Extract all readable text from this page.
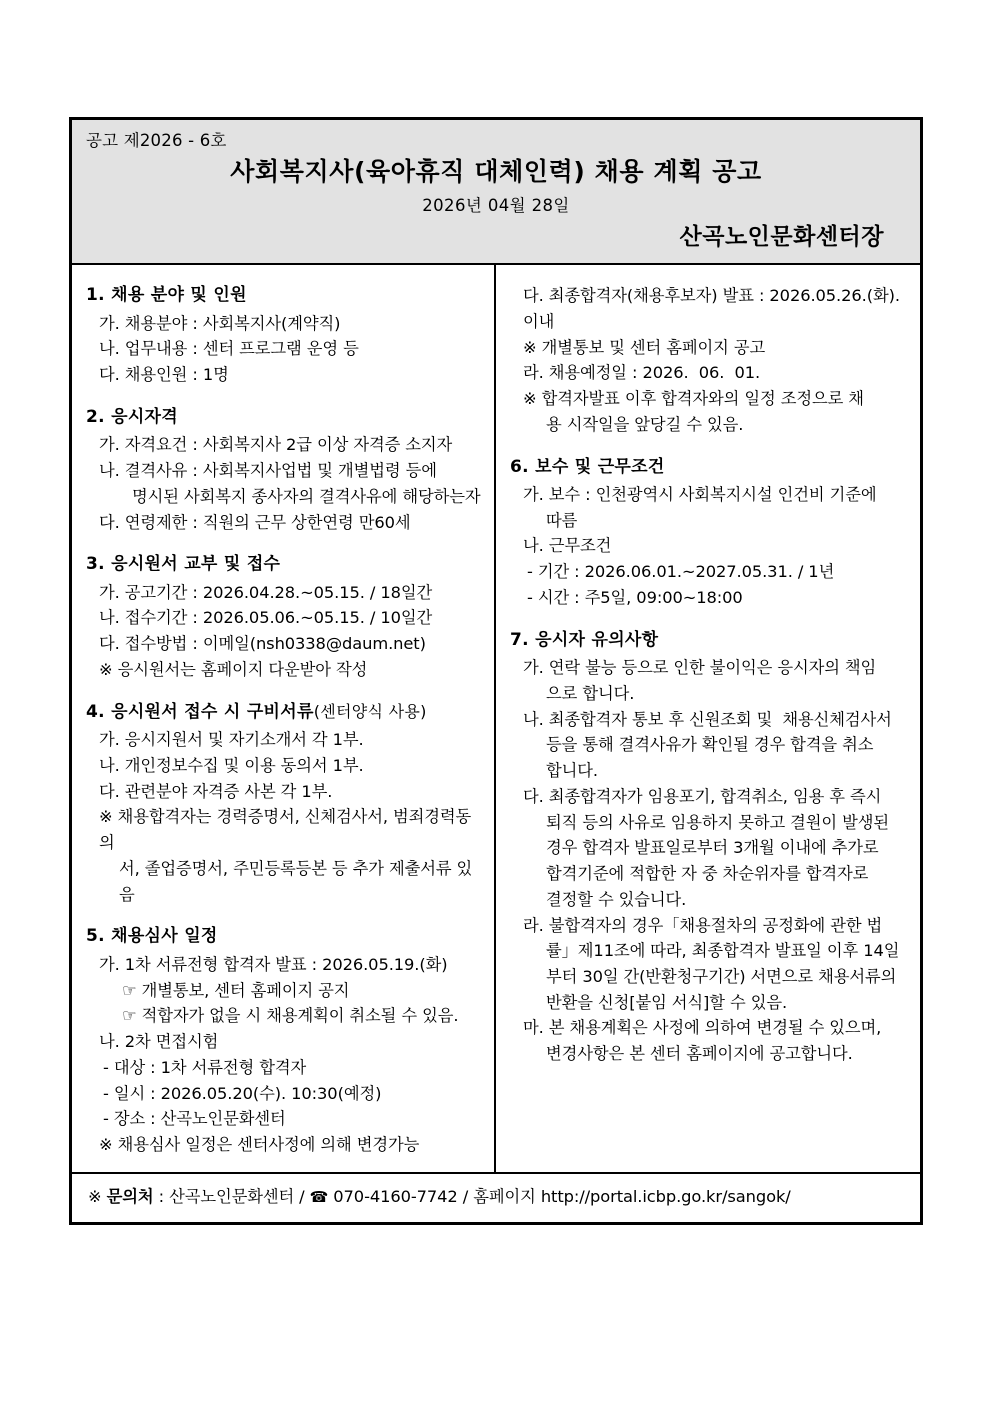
공고 제2026 - 6호
사회복지사(육아휴직 대체인력) 채용 계획 공고
2026년 04월 28일
산곡노인문화센터장
1. 채용 분야 및 인원
가. 채용분야 : 사회복지사(계약직)
나. 업무내용 : 센터 프로그램 운영 등
다. 채용인원 : 1명
2. 응시자격
가. 자격요건 : 사회복지사 2급 이상 자격증 소지자
나. 결격사유 : 사회복지사업법 및 개별법령 등에
명시된 사회복지 종사자의 결격사유에 해당하는자
다. 연령제한 : 직원의 근무 상한연령 만60세
3. 응시원서 교부 및 접수
가. 공고기간 : 2026.04.28.~05.15. / 18일간
나. 접수기간 : 2026.05.06.~05.15. / 10일간
다. 접수방법 : 이메일(nsh0338@daum.net)
※ 응시원서는 홈페이지 다운받아 작성
4. 응시원서 접수 시 구비서류(센터양식 사용)
가. 응시지원서 및 자기소개서 각 1부.
나. 개인정보수집 및 이용 동의서 1부.
다. 관련분야 자격증 사본 각 1부.
※ 채용합격자는 경력증명서, 신체검사서, 범죄경력동의
서, 졸업증명서, 주민등록등본 등 추가 제출서류 있음
5. 채용심사 일정
가. 1차 서류전형 합격자 발표 : 2026.05.19.(화)
☞ 개별통보, 센터 홈페이지 공지
☞ 적합자가 없을 시 채용계획이 취소될 수 있음.
나. 2차 면접시험
- 대상 : 1차 서류전형 합격자
- 일시 : 2026.05.20(수). 10:30(예정)
- 장소 : 산곡노인문화센터
※ 채용심사 일정은 센터사정에 의해 변경가능
다. 최종합격자(채용후보자) 발표 : 2026.05.26.(화).이내
※ 개별통보 및 센터 홈페이지 공고
라. 채용예정일 : 2026.  06.  01.
※ 합격자발표 이후 합격자와의 일정 조정으로 채
용 시작일을 앞당길 수 있음.
6. 보수 및 근무조건
가. 보수 : 인천광역시 사회복지시설 인건비 기준에
따름
나. 근무조건
- 기간 : 2026.06.01.~2027.05.31. / 1년
- 시간 : 주5일, 09:00~18:00
7. 응시자 유의사항
가. 연락 불능 등으로 인한 불이익은 응시자의 책임
으로 합니다.
나. 최종합격자 통보 후 신원조회 및  채용신체검사서
등을 통해 결격사유가 확인될 경우 합격을 취소
합니다.
다. 최종합격자가 임용포기, 합격취소, 임용 후 즉시
퇴직 등의 사유로 임용하지 못하고 결원이 발생된
경우 합격자 발표일로부터 3개월 이내에 추가로
합격기준에 적합한 자 중 차순위자를 합격자로
결정할 수 있습니다.
라. 불합격자의 경우「채용절차의 공정화에 관한 법
률」제11조에 따라, 최종합격자 발표일 이후 14일
부터 30일 간(반환청구기간) 서면으로 채용서류의
반환을 신청[붙임 서식]할 수 있음.
마. 본 채용계획은 사정에 의하여 변경될 수 있으며,
변경사항은 본 센터 홈페이지에 공고합니다.
※ 문의처 : 산곡노인문화센터 / ☎ 070-4160-7742 / 홈페이지 http://portal.icbp.go.kr/sangok/
